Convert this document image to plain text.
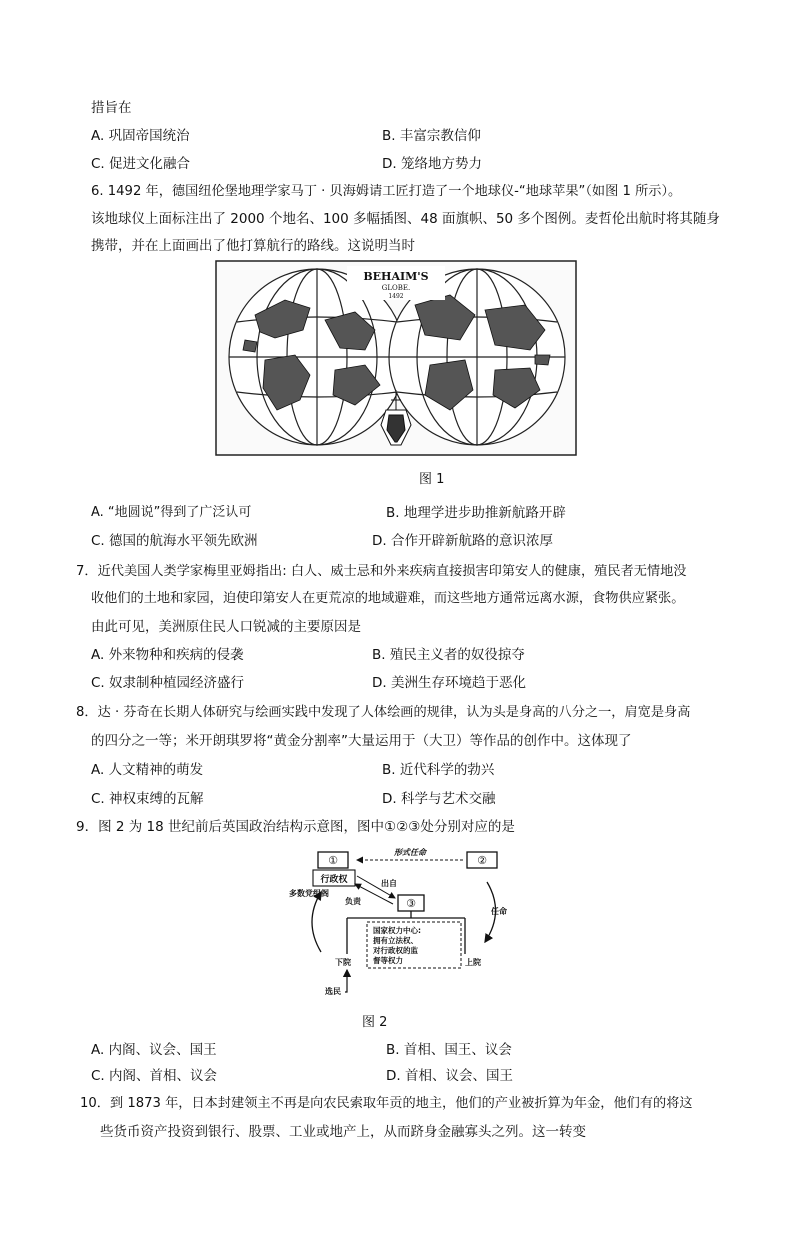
措旨在
A. 巩固帝国统治	B. 丰富宗教信仰
C. 促进文化融合	D. 笼络地方势力
6. 1492 年，德国纽伦堡地理学家马丁 · 贝海姆请工匠打造了一个地球仪-“地球苹果”（如图 1 所示）。
该地球仪上面标注出了 2000 个地名、100 多幅插图、48 面旗帜、50 多个图例。麦哲伦出航时将其随身
携带，并在上面画出了他打算航行的路线。这说明当时
BEHAIM'S
GLOBE.
1492
图 1
A. “地圆说”得到了广泛认可	B. 地理学进步助推新航路开辟
C. 德国的航海水平领先欧洲	D. 合作开辟新航路的意识浓厚
7．近代美国人类学家梅里亚姆指出: 白人、威士忌和外来疾病直接损害印第安人的健康，殖民者无情地没
收他们的土地和家园，迫使印第安人在更荒凉的地域避难，而这些地方通常远离水源，食物供应紧张。
由此可见，美洲原住民人口锐减的主要原因是
A. 外来物种和疾病的侵袭	B. 殖民主义者的奴役掠夺
C. 奴隶制种植园经济盛行	D. 美洲生存环境趋于恶化
8．达 · 芬奇在长期人体研究与绘画实践中发现了人体绘画的规律，认为头是身高的八分之一，肩宽是身高
的四分之一等；米开朗琪罗将“黄金分割率”大量运用于（大卫）等作品的创作中。这体现了
A. 人文精神的萌发	B. 近代科学的勃兴
C. 神权束缚的瓦解	D. 科学与艺术交融
9．图 2 为 18 世纪前后英国政治结构示意图，图中①②③处分别对应的是
①
行政权
②
形式任命
③
出自
负责
国家权力中心:
拥有立法权、
对行政权的监
督等权力
下院	上院
多数党组阁
任命
选民
图 2
A. 内阁、议会、国王	B. 首相、国王、议会
C. 内阁、首相、议会	D. 首相、议会、国王
10．到 1873 年，日本封建领主不再是向农民索取年贡的地主，他们的产业被折算为年金，他们有的将这
些货币资产投资到银行、股票、工业或地产上，从而跻身金融寡头之列。这一转变
